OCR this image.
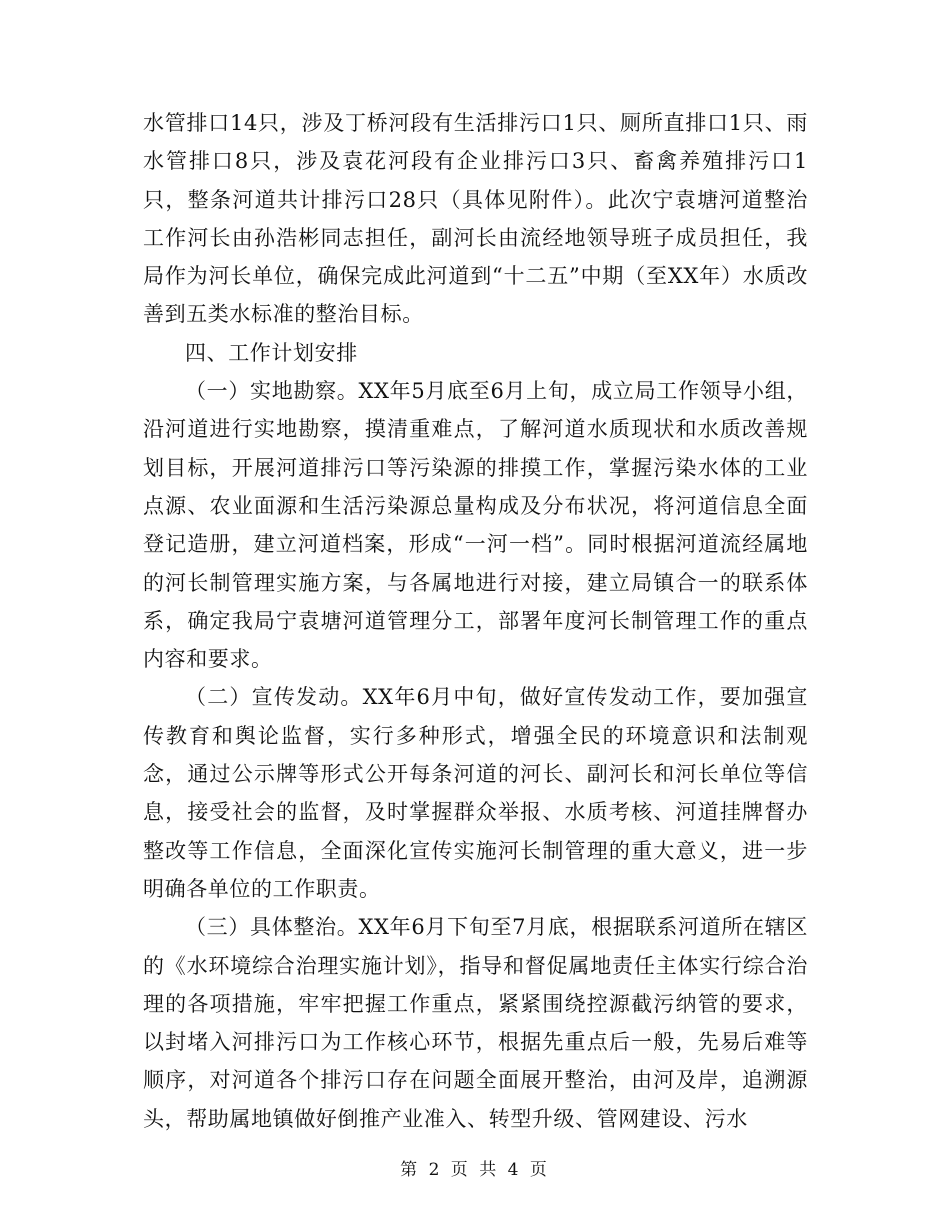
水管排口14只，涉及丁桥河段有生活排污口1只、厕所直排口1只、雨水管排口8只，涉及袁花河段有企业排污口3只、畜禽养殖排污口1只，整条河道共计排污口28只（具体见附件）。此次宁袁塘河道整治工作河长由孙浩彬同志担任，副河长由流经地领导班子成员担任，我局作为河长单位，确保完成此河道到“十二五”中期（至XX年）水质改善到五类水标准的整治目标。

四、工作计划安排

（一）实地勘察。XX年5月底至6月上旬，成立局工作领导小组，沿河道进行实地勘察，摸清重难点，了解河道水质现状和水质改善规划目标，开展河道排污口等污染源的排摸工作，掌握污染水体的工业点源、农业面源和生活污染源总量构成及分布状况，将河道信息全面登记造册，建立河道档案，形成“一河一档”。同时根据河道流经属地的河长制管理实施方案，与各属地进行对接，建立局镇合一的联系体系，确定我局宁袁塘河道管理分工，部署年度河长制管理工作的重点内容和要求。

（二）宣传发动。XX年6月中旬，做好宣传发动工作，要加强宣传教育和舆论监督，实行多种形式，增强全民的环境意识和法制观念，通过公示牌等形式公开每条河道的河长、副河长和河长单位等信息，接受社会的监督，及时掌握群众举报、水质考核、河道挂牌督办整改等工作信息，全面深化宣传实施河长制管理的重大意义，进一步明确各单位的工作职责。

（三）具体整治。XX年6月下旬至7月底，根据联系河道所在辖区的《水环境综合治理实施计划》，指导和督促属地责任主体实行综合治理的各项措施，牢牢把握工作重点，紧紧围绕控源截污纳管的要求，以封堵入河排污口为工作核心环节，根据先重点后一般，先易后难等顺序，对河道各个排污口存在问题全面展开整治，由河及岸，追溯源头，帮助属地镇做好倒推产业准入、转型升级、管网建设、污水

第 2 页 共 4 页
